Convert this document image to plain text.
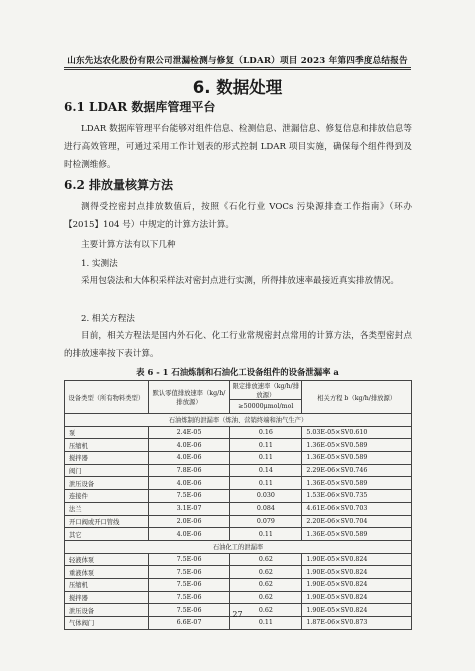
山东先达农化股份有限公司泄漏检测与修复（LDAR）项目 2023 年第四季度总结报告
6. 数据处理
6.1 LDAR 数据库管理平台
LDAR 数据库管理平台能够对组件信息、检测信息、泄漏信息、修复信息和排放信息等进行高效管理，可通过采用工作计划表的形式控制 LDAR 项目实施，确保每个组件得到及时检测维修。
6.2 排放量核算方法
测得受控密封点排放数值后，按照《石化行业 VOCs 污染源排查工作指南》（环办【2015】104 号）中规定的计算方法计算。
主要计算方法有以下几种
1. 实测法
采用包袋法和大体积采样法对密封点进行实测，所得排放速率最接近真实排放情况。
2. 相关方程法
目前，相关方程法是国内外石化、化工行业常规密封点常用的计算方法，各类型密封点的排放速率按下表计算。
表 6 - 1 石油炼制和石油化工设备组件的设备泄漏率 a
设备类型（所有物料类型）	默认零值排放速率（kg/h/排放源）	限定排放速率（kg/h/排放源）	相关方程 b（kg/h/排放源）
		≥50000μmol/mol	
石油炼制的泄漏率（炼油、营销终端和油气生产）			
泵	2.4E-05	0.16	5.03E-05×SV0.610
压缩机	4.0E-06	0.11	1.36E-05×SV0.589
搅拌器	4.0E-06	0.11	1.36E-05×SV0.589
阀门	7.8E-06	0.14	2.29E-06×SV0.746
泄压设备	4.0E-06	0.11	1.36E-05×SV0.589
连接件	7.5E-06	0.030	1.53E-06×SV0.735
法兰	3.1E-07	0.084	4.61E-06×SV0.703
开口阀或开口管线	2.0E-06	0.079	2.20E-06×SV0.704
其它	4.0E-06	0.11	1.36E-05×SV0.589
石油化工的泄漏率			
轻液体泵	7.5E-06	0.62	1.90E-05×SV0.824
重液体泵	7.5E-06	0.62	1.90E-05×SV0.824
压缩机	7.5E-06	0.62	1.90E-05×SV0.824
搅拌器	7.5E-06	0.62	1.90E-05×SV0.824
泄压设备	7.5E-06	0.62	1.90E-05×SV0.824
气体阀门	6.6E-07	0.11	1.87E-06×SV0.873
27
